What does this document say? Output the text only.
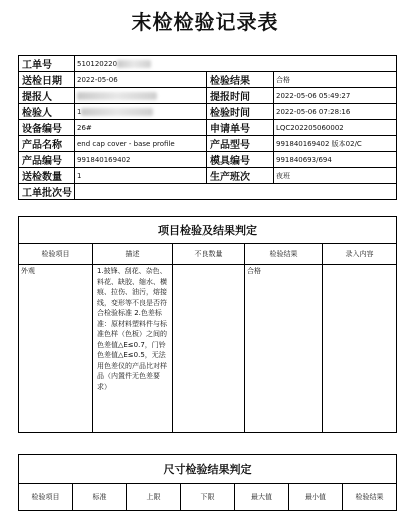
末检检验记录表
工单号	510120220		
送检日期	2022-05-06	检验结果	合格
提报人		提报时间	2022-05-06 05:49:27
检验人	1	检验时间	2022-05-06 07:28:16
设备编号	26#	申请单号	LQC202205060002
产品名称	end cap cover - base profile	产品型号	991840169402 版本02/C
产品编号	991840169402	模具编号	991840693/694
送检数量	1	生产班次	夜班
工单批次号			
项目检验及结果判定				
检验项目	描述	不良数量	检验结果	录入内容
外观	1.披锋、刮花、杂色、料花、缺胶、缩水、横痕、拉伤、油污，熔接线，变形等不良是否符合检验标准 2.色差标准：原材料塑料件与标准色样（色板）之间的色差值△E≤0.7，门铃色差值△E≤0.5，无法用色差仪的产品比对样品（内置件无色差要求）		合格	
尺寸检验结果判定
检验项目	标准	上限	下限	最大值	最小值	检验结果
